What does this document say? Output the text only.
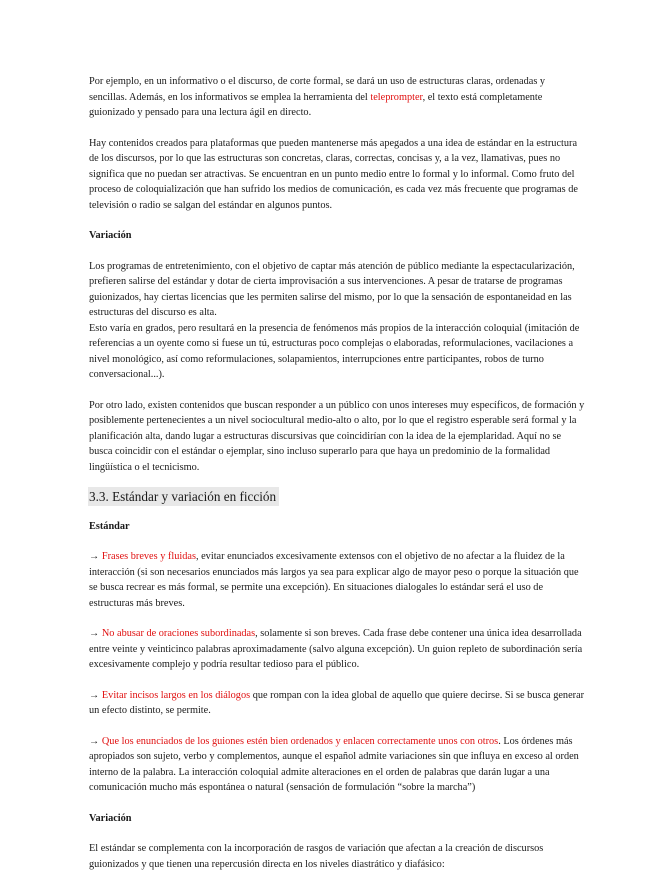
Por ejemplo, en un informativo o el discurso, de corte formal, se dará un uso de estructuras claras, ordenadas y sencillas. Además, en los informativos se emplea la herramienta del teleprompter, el texto está completamente guionizado y pensado para una lectura ágil en directo.

Hay contenidos creados para plataformas que pueden mantenerse más apegados a una idea de estándar en la estructura de los discursos, por lo que las estructuras son concretas, claras, correctas, concisas y, a la vez, llamativas, pues no significa que no puedan ser atractivas. Se encuentran en un punto medio entre lo formal y lo informal. Como fruto del proceso de coloquialización que han sufrido los medios de comunicación, es cada vez más frecuente que programas de televisión o radio se salgan del estándar en algunos puntos.

Variación

Los programas de entretenimiento, con el objetivo de captar más atención de público mediante la espectacularización, prefieren salirse del estándar y dotar de cierta improvisación a sus intervenciones. A pesar de tratarse de programas guionizados, hay ciertas licencias que les permiten salirse del mismo, por lo que la sensación de espontaneidad en las estructuras del discurso es alta.

Esto varía en grados, pero resultará en la presencia de fenómenos más propios de la interacción coloquial (imitación de referencias a un oyente como si fuese un tú, estructuras poco complejas o elaboradas, reformulaciones, vacilaciones a nivel monológico, así como reformulaciones, solapamientos, interrupciones entre participantes, robos de turno conversacional...).

Por otro lado, existen contenidos que buscan responder a un público con unos intereses muy específicos, de formación y posiblemente pertenecientes a un nivel sociocultural medio-alto o alto, por lo que el registro esperable será formal y la planificación alta, dando lugar a estructuras discursivas que coincidirían con la idea de la ejemplaridad. Aquí no se busca coincidir con el estándar o ejemplar, sino incluso superarlo para que haya un predominio de la formalidad lingüística o el tecnicismo.

3.3. Estándar y variación en ficción

Estándar

→ Frases breves y fluidas, evitar enunciados excesivamente extensos con el objetivo de no afectar a la fluidez de la interacción (si son necesarios enunciados más largos ya sea para explicar algo de mayor peso o porque la situación que se busca recrear es más formal, se permite una excepción). En situaciones dialogales lo estándar será el uso de estructuras más breves.

→ No abusar de oraciones subordinadas, solamente si son breves. Cada frase debe contener una única idea desarrollada entre veinte y veinticinco palabras aproximadamente (salvo alguna excepción). Un guion repleto de subordinación sería excesivamente complejo y podría resultar tedioso para el público.

→ Evitar incisos largos en los diálogos que rompan con la idea global de aquello que quiere decirse. Si se busca generar un efecto distinto, se permite.

→ Que los enunciados de los guiones estén bien ordenados y enlacen correctamente unos con otros. Los órdenes más apropiados son sujeto, verbo y complementos, aunque el español admite variaciones sin que influya en exceso al orden interno de la palabra. La interacción coloquial admite alteraciones en el orden de palabras que darán lugar a una comunicación mucho más espontánea o natural (sensación de formulación “sobre la marcha”)

Variación

El estándar se complementa con la incorporación de rasgos de variación que afectan a la creación de discursos guionizados y que tienen una repercusión directa en los niveles diastrático y diafásico:
